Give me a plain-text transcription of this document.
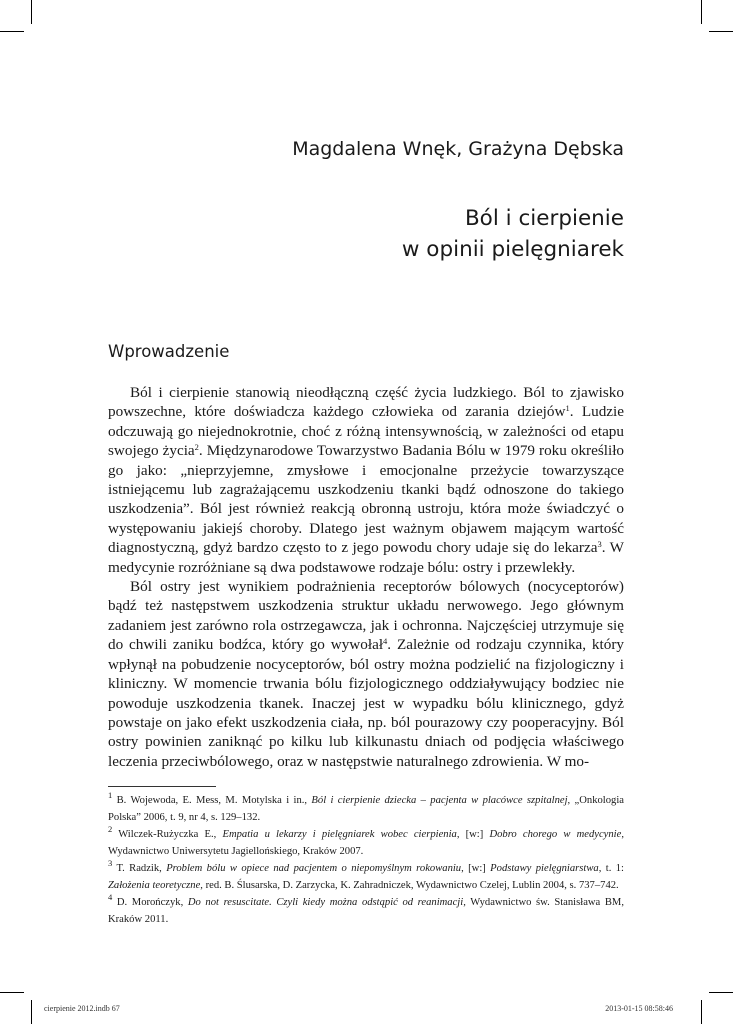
Magdalena Wnęk, Grażyna Dębska
Ból i cierpienie
w opinii pielęgniarek
Wprowadzenie

Ból i cierpienie stanowią nieodłączną część życia ludzkiego. Ból to zjawisko powszechne, które doświadcza każdego człowieka od zarania dziejów$^1$. Ludzie odczuwają go niejednokrotnie, choć z różną intensywnością, w zależności od etapu swojego życia$^2$. Międzynarodowe Towarzystwo Badania Bólu w 1979 roku określiło go jako: „nieprzyjemne, zmysłowe i emocjonalne przeżycie towarzyszące istniejącemu lub zagrażającemu uszkodzeniu tkanki bądź odnoszone do takiego uszkodzenia”. Ból jest również reakcją obronną ustroju, która może świadczyć o występowaniu jakiejś choroby. Dlatego jest ważnym objawem mającym wartość diagnostyczną, gdyż bardzo często to z jego powodu chory udaje się do lekarza$^3$. W medycynie rozróżniane są dwa podstawowe rodzaje bólu: ostry i przewlekły.

Ból ostry jest wynikiem podrażnienia receptorów bólowych (nocyceptorów) bądź też następstwem uszkodzenia struktur układu nerwowego. Jego głównym zadaniem jest zarówno rola ostrzegawcza, jak i ochronna. Najczęściej utrzymuje się do chwili zaniku bodźca, który go wywołał$^4$. Zależnie od rodzaju czynnika, który wpłynął na pobudzenie nocyceptorów, ból ostry można podzielić na fizjologiczny i kliniczny. W momencie trwania bólu fizjologicznego oddziaływujący bodziec nie powoduje uszkodzenia tkanek. Inaczej jest w wypadku bólu klinicznego, gdyż powstaje on jako efekt uszkodzenia ciała, np. ból pourazowy czy pooperacyjny. Ból ostry powinien zaniknąć po kilku lub kilkunastu dniach od podjęcia właściwego leczenia przeciwbólowego, oraz w następstwie naturalnego zdrowienia. W mo-

$^1$ B. Wojewoda, E. Mess, M. Motylska i in., Ból i cierpienie dziecka – pacjenta w placówce szpitalnej, „Onkologia Polska” 2006, t. 9, nr 4, s. 129–132.
$^2$ Wilczek-Rużyczka E., Empatia u lekarzy i pielęgniarek wobec cierpienia, [w:] Dobro chorego w medycynie, Wydawnictwo Uniwersytetu Jagiellońskiego, Kraków 2007.
$^3$ T. Radzik, Problem bólu w opiece nad pacjentem o niepomyślnym rokowaniu, [w:] Podstawy pielęgniarstwa, t. 1: Założenia teoretyczne, red. B. Ślusarska, D. Zarzycka, K. Zahradniczek, Wydawnictwo Czelej, Lublin 2004, s. 737–742.
$^4$ D. Morończyk, Do not resuscitate. Czyli kiedy można odstąpić od reanimacji, Wydawnictwo św. Stanisława BM, Kraków 2011.
cierpienie 2012.indb 67	2013-01-15 08:58:46
